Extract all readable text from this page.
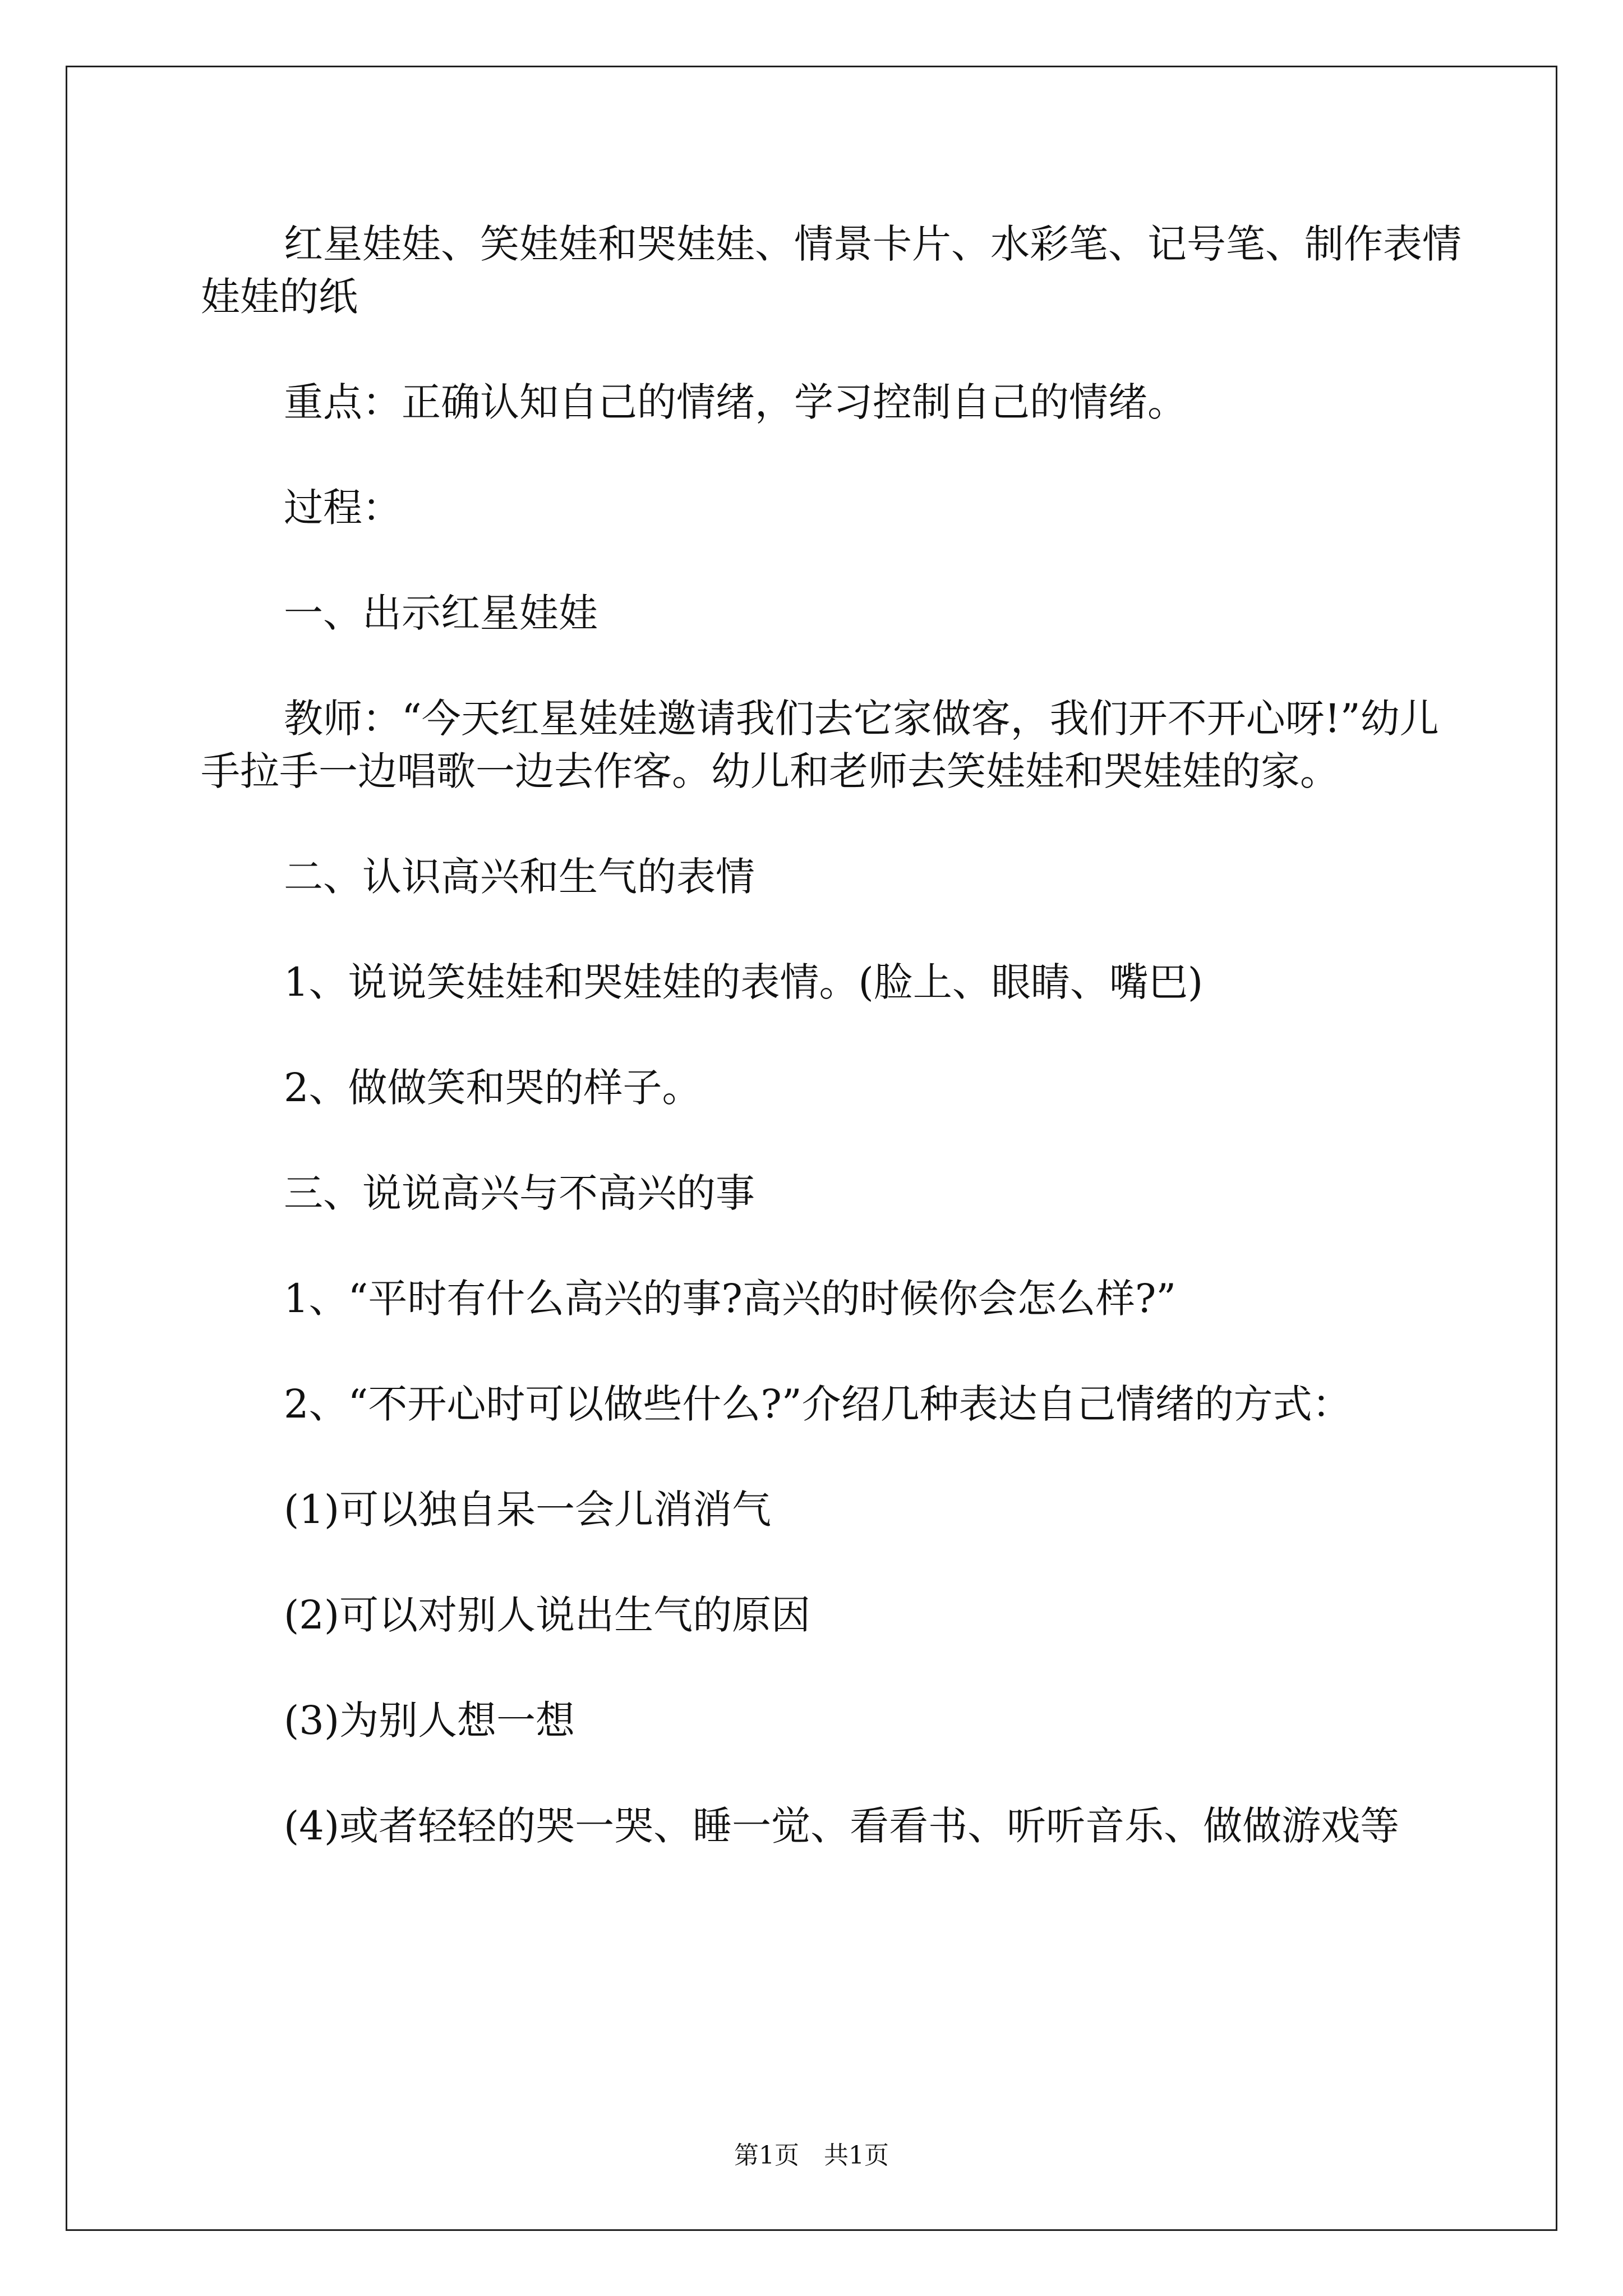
红星娃娃、笑娃娃和哭娃娃、情景卡片、水彩笔、记号笔、制作表情娃娃的纸

重点：正确认知自己的情绪，学习控制自己的情绪。

过程：

一、出示红星娃娃

教师：“今天红星娃娃邀请我们去它家做客，我们开不开心呀!”幼儿手拉手一边唱歌一边去作客。幼儿和老师去笑娃娃和哭娃娃的家。

二、认识高兴和生气的表情

1、说说笑娃娃和哭娃娃的表情。(脸上、眼睛、嘴巴)

2、做做笑和哭的样子。

三、说说高兴与不高兴的事

1、“平时有什么高兴的事?高兴的时候你会怎么样?”

2、“不开心时可以做些什么?”介绍几种表达自己情绪的方式：

(1)可以独自呆一会儿消消气

(2)可以对别人说出生气的原因

(3)为别人想一想

(4)或者轻轻的哭一哭、睡一觉、看看书、听听音乐、做做游戏等

第1页 共1页
